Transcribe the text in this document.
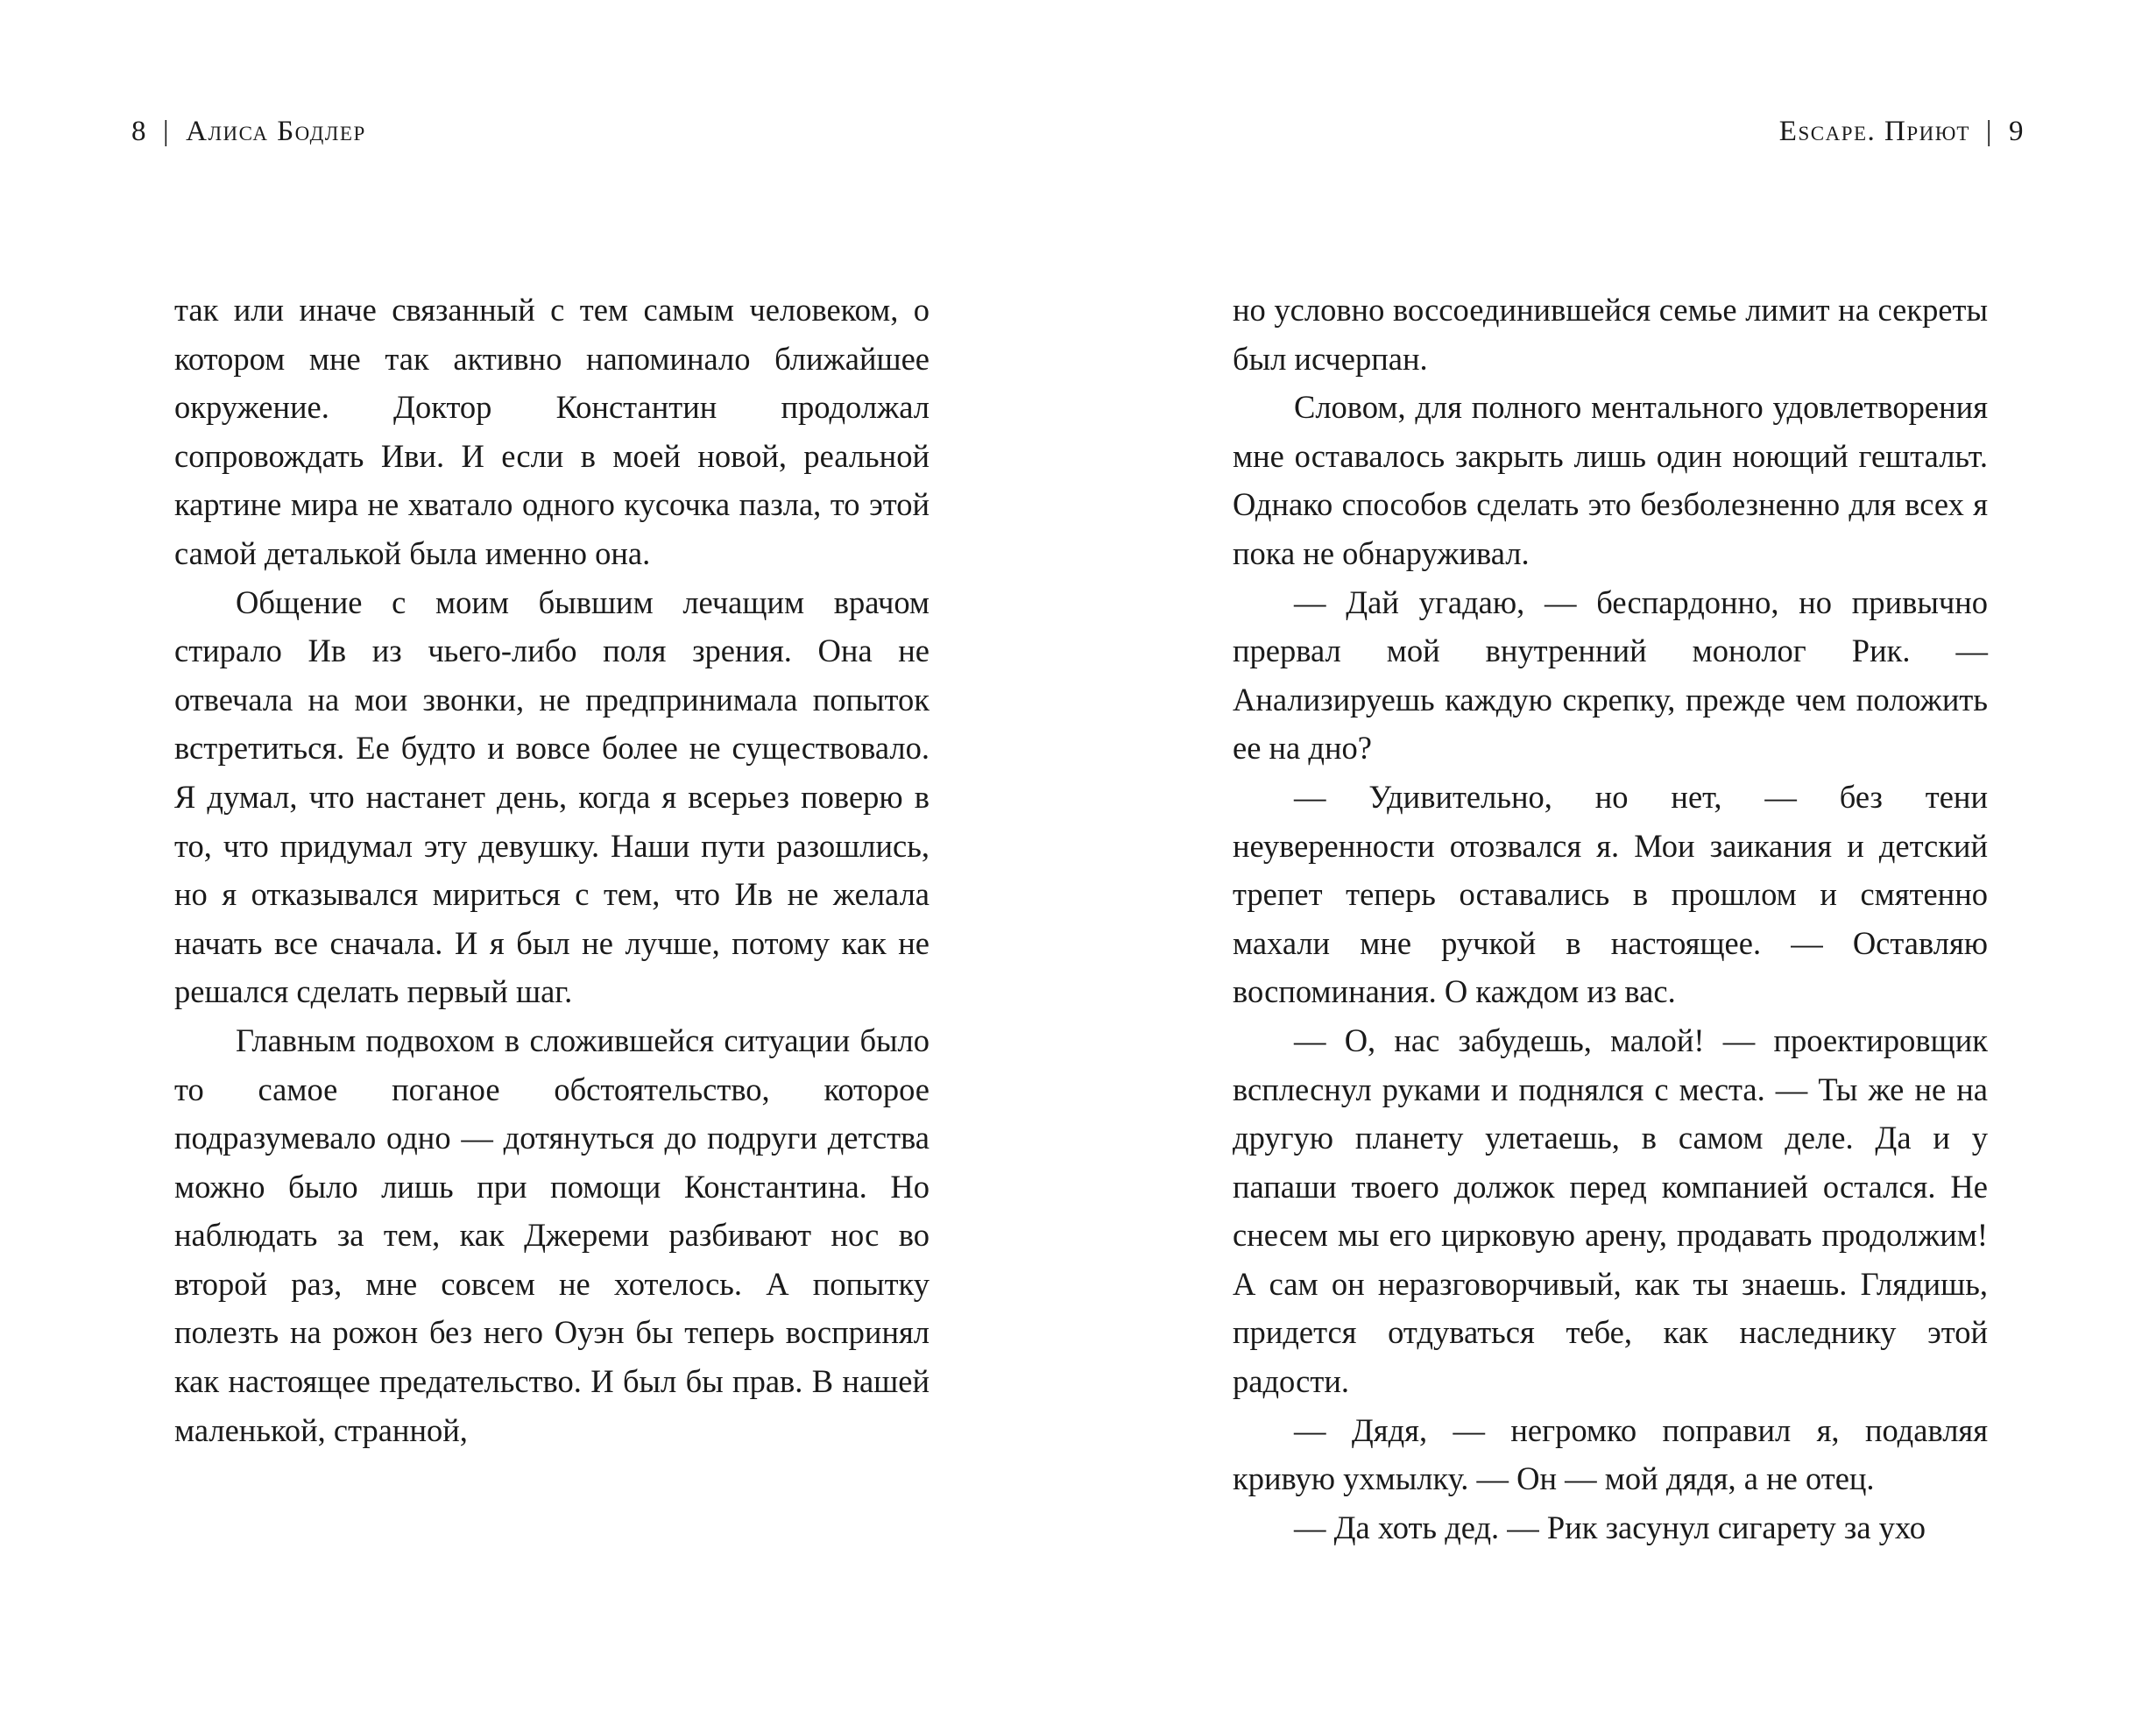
8 | Алиса Бодлер	Escape. Приют | 9

так или иначе связанный с тем самым человеком, о котором мне так активно напоминало ближайшее окружение. Доктор Константин продолжал сопровождать Иви. И если в моей новой, реальной картине мира не хватало одного кусочка пазла, то этой самой деталькой была именно она.

Общение с моим бывшим лечащим врачом стирало Ив из чьего-либо поля зрения. Она не отвечала на мои звонки, не предпринимала попыток встретиться. Ее будто и вовсе более не существовало. Я думал, что настанет день, когда я всерьез поверю в то, что придумал эту девушку. Наши пути разошлись, но я отказывался мириться с тем, что Ив не желала начать все сначала. И я был не лучше, потому как не решался сделать первый шаг.

Главным подвохом в сложившейся ситуации было то самое поганое обстоятельство, которое подразумевало одно — дотянуться до подруги детства можно было лишь при помощи Константина. Но наблюдать за тем, как Джереми разбивают нос во второй раз, мне совсем не хотелось. А попытку полезть на рожон без него Оуэн бы теперь воспринял как настоящее предательство. И был бы прав. В нашей маленькой, странной,

но условно воссоединившейся семье лимит на секреты был исчерпан.

Словом, для полного ментального удовлетворения мне оставалось закрыть лишь один ноющий гештальт. Однако способов сделать это безболезненно для всех я пока не обнаруживал.

— Дай угадаю, — беспардонно, но привычно прервал мой внутренний монолог Рик. — Анализируешь каждую скрепку, прежде чем положить ее на дно?

— Удивительно, но нет, — без тени неуверенности отозвался я. Мои заикания и детский трепет теперь оставались в прошлом и смятенно махали мне ручкой в настоящее. — Оставляю воспоминания. О каждом из вас.

— О, нас забудешь, малой! — проектировщик всплеснул руками и поднялся с места. — Ты же не на другую планету улетаешь, в самом деле. Да и у папаши твоего должок перед компанией остался. Не снесем мы его цирковую арену, продавать продолжим! А сам он неразговорчивый, как ты знаешь. Глядишь, придется отдуваться тебе, как наследнику этой радости.

— Дядя, — негромко поправил я, подавляя кривую ухмылку. — Он — мой дядя, а не отец.

— Да хоть дед. — Рик засунул сигарету за ухо
